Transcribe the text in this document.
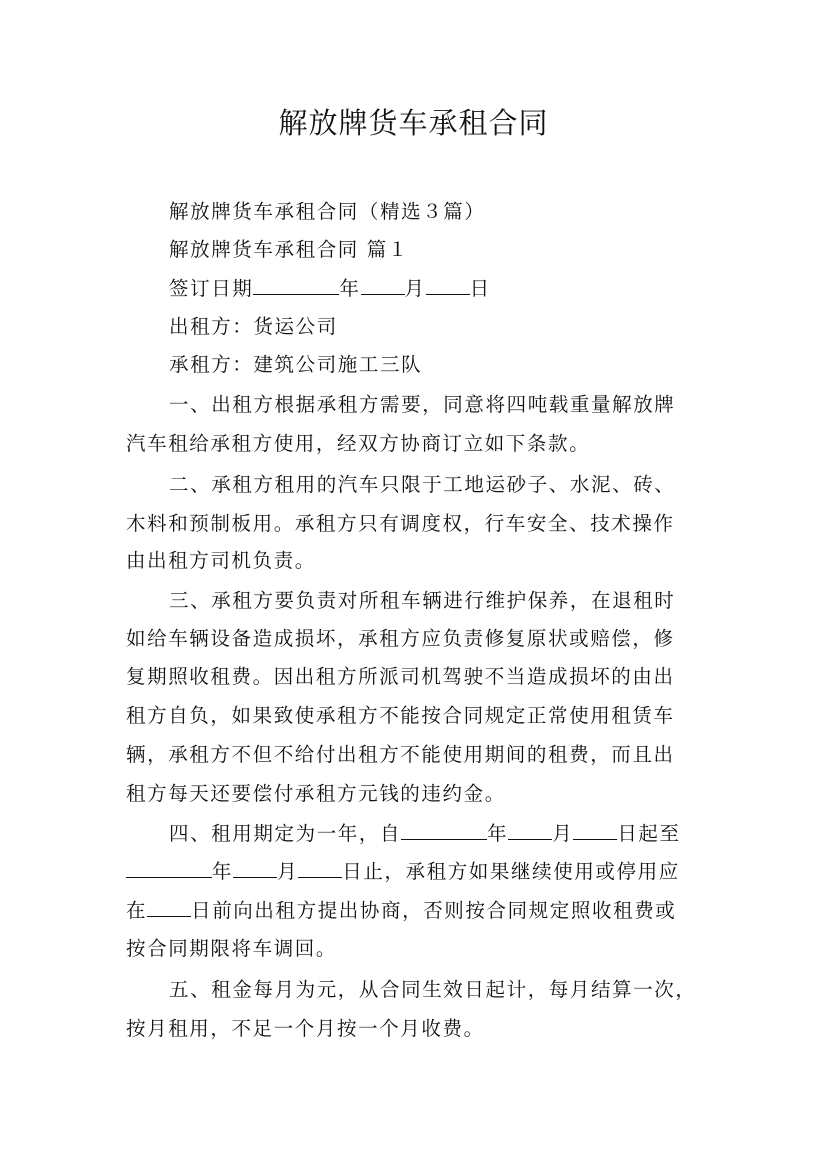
解放牌货车承租合同
解放牌货车承租合同（精选３篇）
解放牌货车承租合同 篇１
签订日期	年 月 日
出租方：货运公司
承租方：建筑公司施工三队
一、出租方根据承租方需要，同意将四吨载重量解放牌
汽车租给承租方使用，经双方协商订立如下条款。
二、承租方租用的汽车只限于工地运砂子、水泥、砖、
木料和预制板用。承租方只有调度权，行车安全、技术操作
由出租方司机负责。
三、承租方要负责对所租车辆进行维护保养，在退租时
如给车辆设备造成损坏，承租方应负责修复原状或赔偿，修
复期照收租费。因出租方所派司机驾驶不当造成损坏的由出
租方自负，如果致使承租方不能按合同规定正常使用租赁车
辆，承租方不但不给付出租方不能使用期间的租费，而且出
租方每天还要偿付承租方元钱的违约金。
四、租用期定为一年，自	年 月 日起至
年 月 日止，承租方如果继续使用或停用应
在 日前向出租方提出协商，否则按合同规定照收租费或
按合同期限将车调回。
五、租金每月为元，从合同生效日起计，每月结算一次，
按月租用，不足一个月按一个月收费。
